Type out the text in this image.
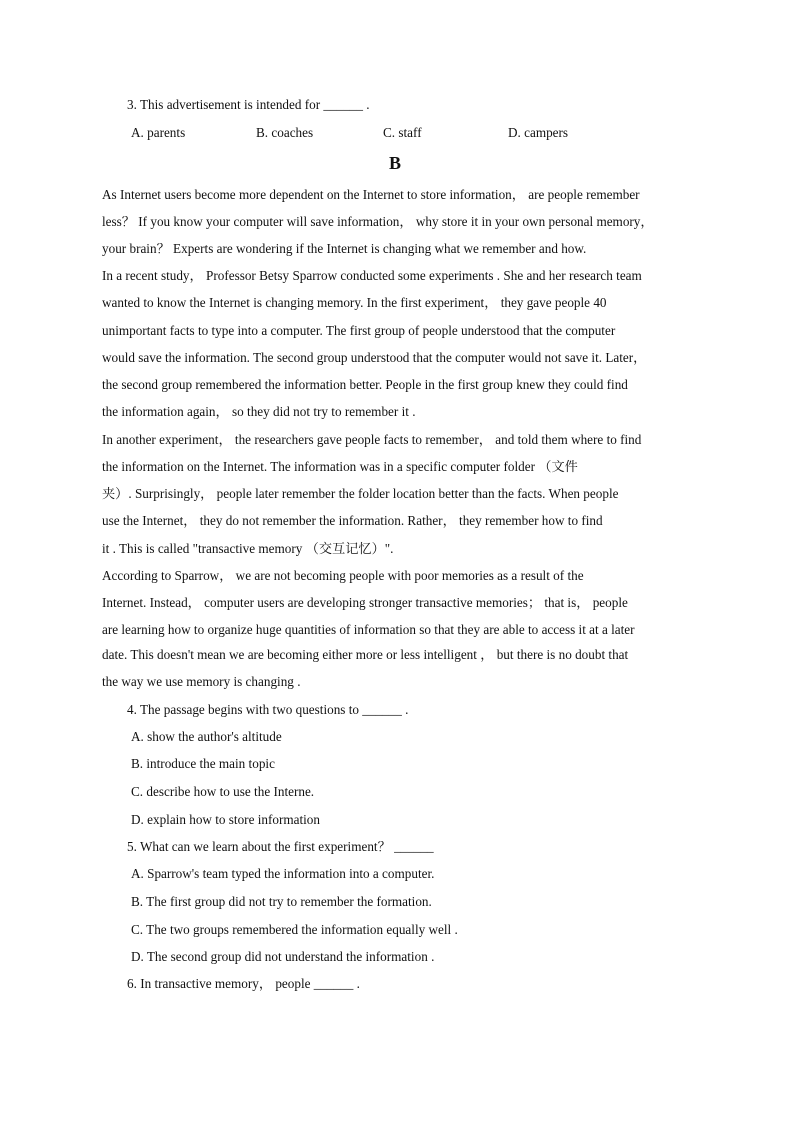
3. This advertisement is intended for ______ .
A. parents	B. coaches	C. staff	D. campers
B
As Internet users become more dependent on the Internet to store information， are people remember
less？ If you know your computer will save information， why store it in your own personal memory，
your brain？ Experts are wondering if the Internet is changing what we remember and how.
In a recent study， Professor Betsy Sparrow conducted some experiments . She and her research team
wanted to know the Internet is changing memory. In the first experiment， they gave people 40
unimportant facts to type into a computer. The first group of people understood that the computer
would save the information. The second group understood that the computer would not save it. Later，
the second group remembered the information better. People in the first group knew they could find
the information again， so they did not try to remember it .
In another experiment， the researchers gave people facts to remember， and told them where to find
the information on the Internet. The information was in a specific computer folder （文件
夹）. Surprisingly， people later remember the folder location better than the facts. When people
use the Internet， they do not remember the information. Rather， they remember how to find
it . This is called "transactive memory （交互记忆）".
According to Sparrow， we are not becoming people with poor memories as a result of the
Internet. Instead， computer users are developing stronger transactive memories； that is， people
are learning how to organize huge quantities of information so that they are able to access it at a later
date. This doesn't mean we are becoming either more or less intelligent ， but there is no doubt that
the way we use memory is changing .
4. The passage begins with two questions to ______ .
A. show the author's altitude
B. introduce the main topic
C. describe how to use the Interne.
D. explain how to store information
5. What can we learn about the first experiment？ ______
A. Sparrow's team typed the information into a computer.
B. The first group did not try to remember the formation.
C. The two groups remembered the information equally well .
D. The second group did not understand the information .
6. In transactive memory， people ______ .
